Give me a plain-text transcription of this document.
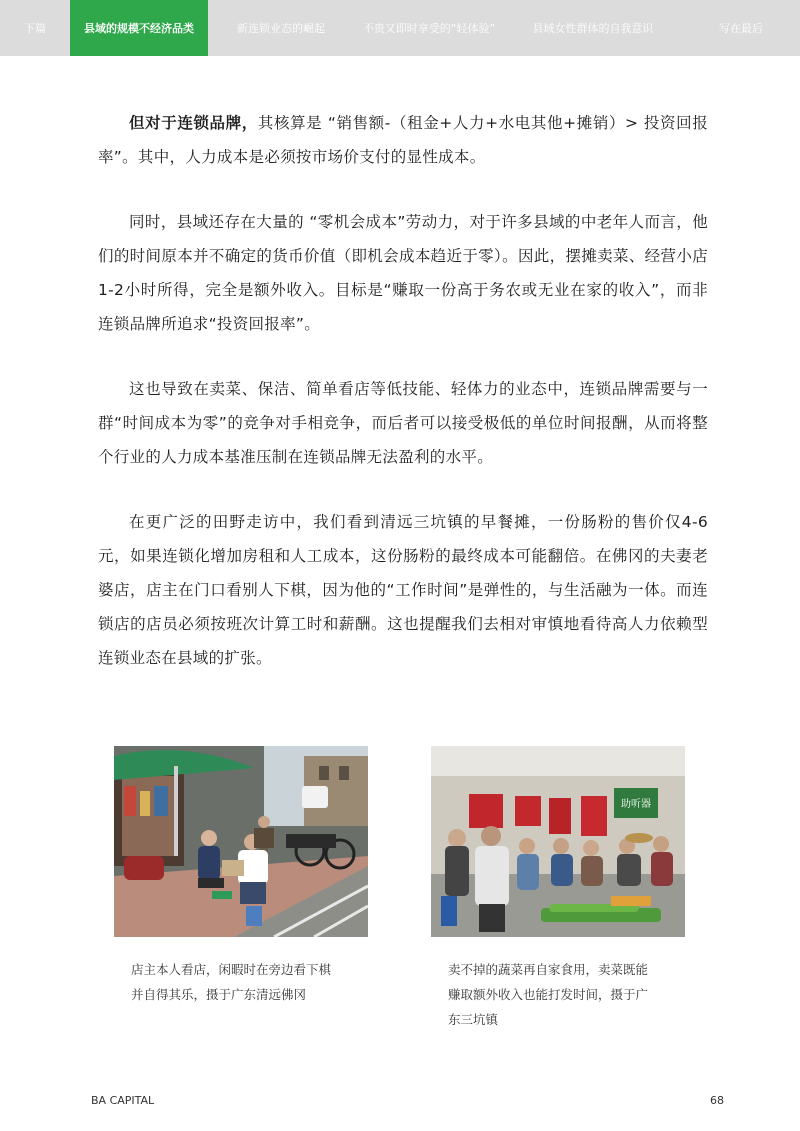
下篇	县域的规模不经济品类	新连锁业态的崛起	不贵又即时享受的“轻体验”	县域女性群体的自我意识	写在最后

但对于连锁品牌，其核算是 “销售额-（租金+人力+水电其他+摊销）> 投资回报率”。其中，人力成本是必须按市场价支付的显性成本。

同时，县域还存在大量的 “零机会成本”劳动力，对于许多县域的中老年人而言，他们的时间原本并不确定的货币价值（即机会成本趋近于零）。因此，摆摊卖菜、经营小店1-2小时所得，完全是额外收入。目标是“赚取一份高于务农或无业在家的收入”，而非连锁品牌所追求“投资回报率”。

这也导致在卖菜、保洁、简单看店等低技能、轻体力的业态中，连锁品牌需要与一群“时间成本为零”的竞争对手相竞争，而后者可以接受极低的单位时间报酬，从而将整个行业的人力成本基准压制在连锁品牌无法盈利的水平。

在更广泛的田野走访中，我们看到清远三坑镇的早餐摊，一份肠粉的售价仅4-6元，如果连锁化增加房租和人工成本，这份肠粉的最终成本可能翻倍。在佛冈的夫妻老婆店，店主在门口看别人下棋，因为他的“工作时间”是弹性的，与生活融为一体。而连锁店的店员必须按班次计算工时和薪酬。这也提醒我们去相对审慎地看待高人力依赖型连锁业态在县域的扩张。

助听器
店主本人看店，闲暇时在旁边看下棋
并自得其乐，摄于广东清远佛冈
卖不掉的蔬菜再自家食用，卖菜既能
赚取额外收入也能打发时间，摄于广
东三坑镇
BA CAPITAL	68
